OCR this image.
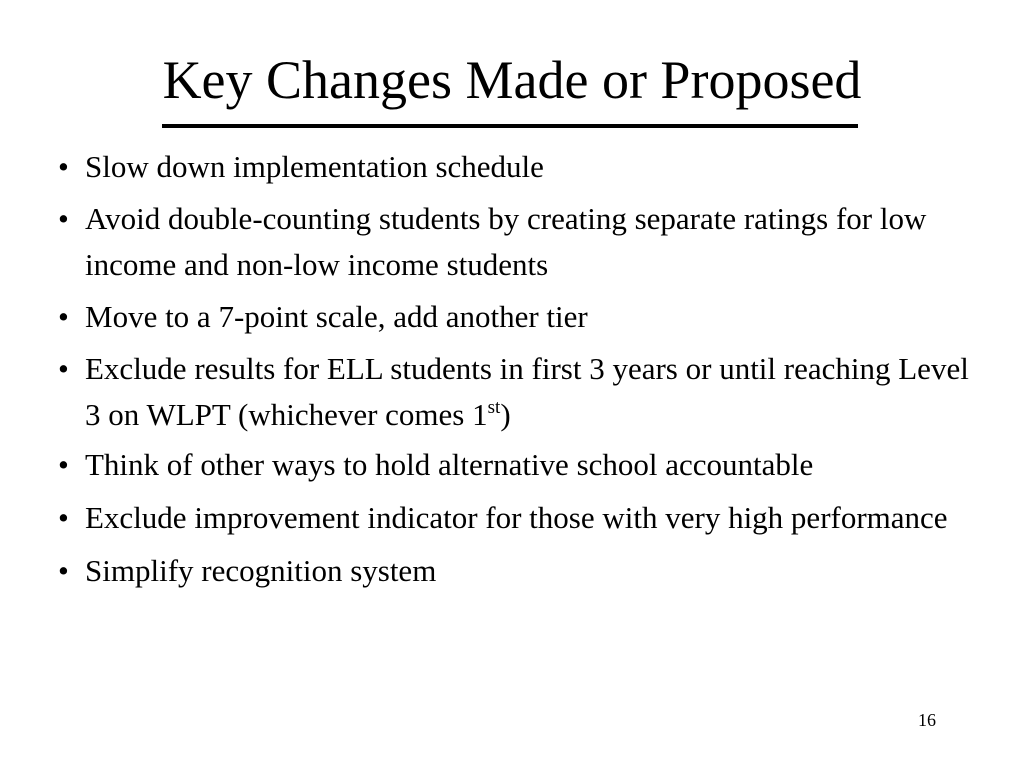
Key Changes Made or Proposed
• Slow down implementation schedule
• Avoid double-counting students by creating separate ratings for low income and non-low income students
• Move to a 7-point scale, add another tier
• Exclude results for ELL students in first 3 years or until reaching Level 3 on WLPT (whichever comes 1st)
• Think of other ways to hold alternative school accountable
• Exclude improvement indicator for those with very high performance
• Simplify recognition system
16
